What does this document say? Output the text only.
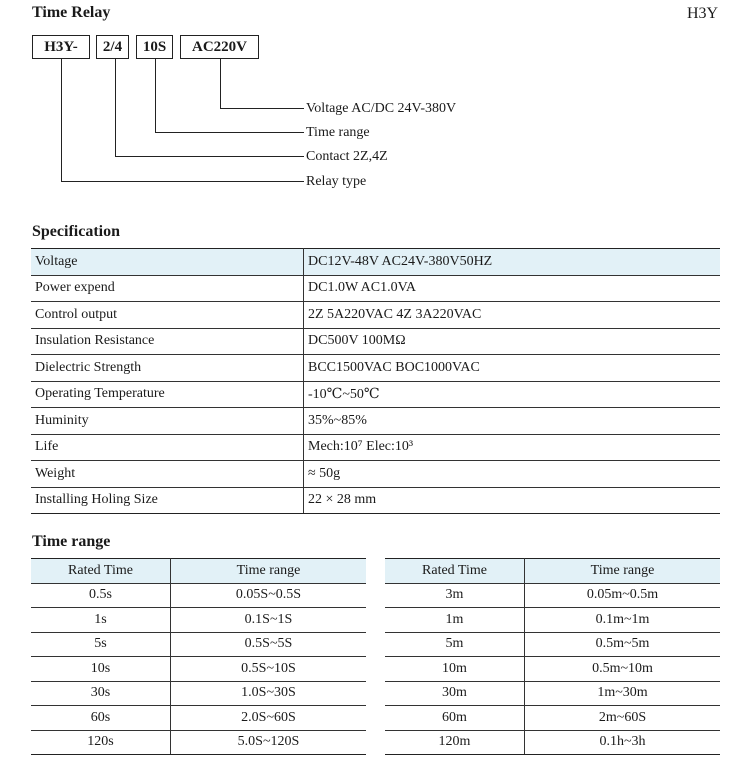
Time Relay	H3Y
H3Y-	2/4	10S	AC220V
Voltage AC/DC 24V-380V
Time range
Contact 2Z,4Z
Relay type
Specification
Voltage	DC12V-48V AC24V-380V50HZ
Power expend	DC1.0W AC1.0VA
Control output	2Z 5A220VAC 4Z 3A220VAC
Insulation Resistance	DC500V 100MΩ
Dielectric Strength	BCC1500VAC BOC1000VAC
Operating Temperature	-10℃~50℃
Huminity	35%~85%
Life	Mech:10⁷ Elec:10³
Weight	≈ 50g
Installing Holing Size	22 × 28 mm
Time range
Rated Time	Time range
0.5s	0.05S~0.5S
1s	0.1S~1S
5s	0.5S~5S
10s	0.5S~10S
30s	1.0S~30S
60s	2.0S~60S
120s	5.0S~120S
Rated Time	Time range
3m	0.05m~0.5m
1m	0.1m~1m
5m	0.5m~5m
10m	0.5m~10m
30m	1m~30m
60m	2m~60S
120m	0.1h~3h
